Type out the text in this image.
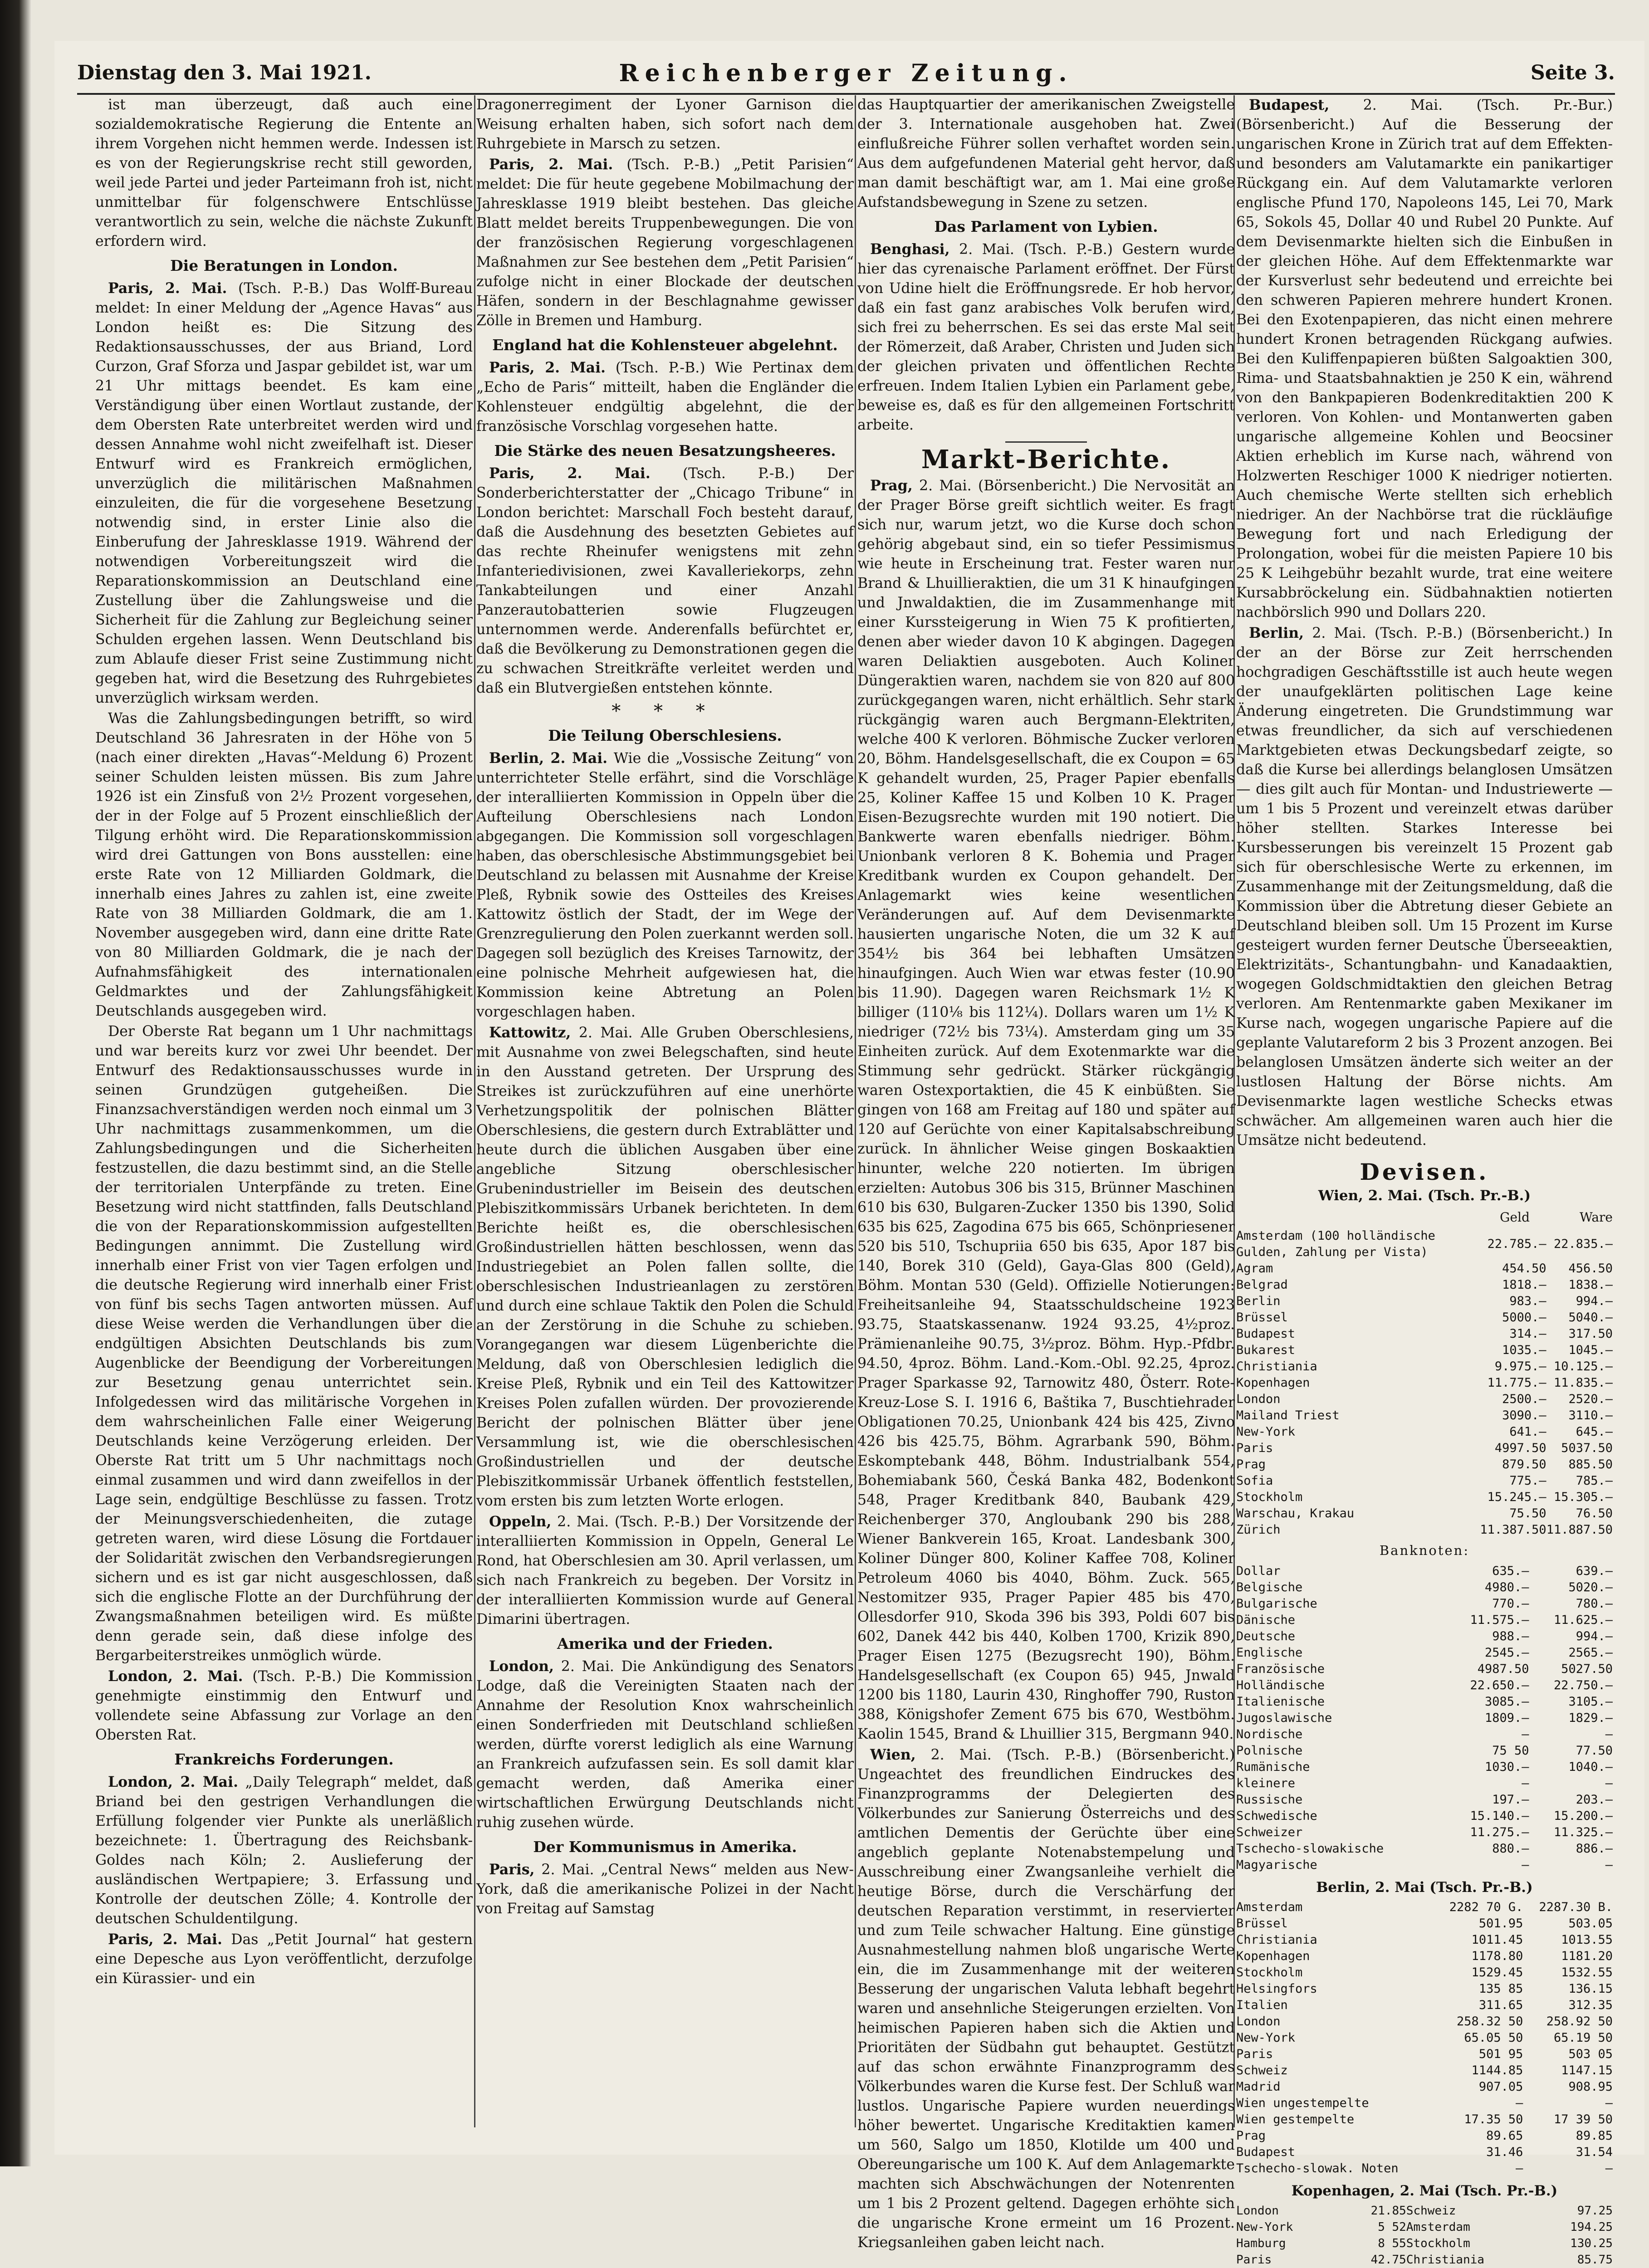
Dienstag den 3. Mai 1921.	Reichenberger Zeitung.	Seite 3.

ist man überzeugt, daß auch eine sozialdemokratische Regierung die Entente an ihrem Vorgehen nicht hemmen werde. Indessen ist es von der Regierungskrise recht still geworden, weil jede Partei und jeder Parteimann froh ist, nicht unmittelbar für folgenschwere Entschlüsse verantwortlich zu sein, welche die nächste Zukunft erfordern wird.

Die Beratungen in London.

Paris, 2. Mai. (Tsch. P.-B.) Das Wolff-Bureau meldet: In einer Meldung der „Agence Havas“ aus London heißt es: Die Sitzung des Redaktionsausschusses, der aus Briand, Lord Curzon, Graf Sforza und Jaspar gebildet ist, war um 21 Uhr mittags beendet. Es kam eine Verständigung über einen Wortlaut zustande, der dem Obersten Rate unterbreitet werden wird und dessen Annahme wohl nicht zweifelhaft ist. Dieser Entwurf wird es Frankreich ermöglichen, unverzüglich die militärischen Maßnahmen einzuleiten, die für die vorgesehene Besetzung notwendig sind, in erster Linie also die Einberufung der Jahresklasse 1919. Während der notwendigen Vorbereitungszeit wird die Reparationskommission an Deutschland eine Zustellung über die Zahlungsweise und die Sicherheit für die Zahlung zur Begleichung seiner Schulden ergehen lassen. Wenn Deutschland bis zum Ablaufe dieser Frist seine Zustimmung nicht gegeben hat, wird die Besetzung des Ruhrgebietes unverzüglich wirksam werden.

Was die Zahlungsbedingungen betrifft, so wird Deutschland 36 Jahresraten in der Höhe von 5 (nach einer direkten „Havas“-Meldung 6) Prozent seiner Schulden leisten müssen. Bis zum Jahre 1926 ist ein Zinsfuß von 2½ Prozent vorgesehen, der in der Folge auf 5 Prozent einschließlich der Tilgung erhöht wird. Die Reparationskommission wird drei Gattungen von Bons ausstellen: eine erste Rate von 12 Milliarden Goldmark, die innerhalb eines Jahres zu zahlen ist, eine zweite Rate von 38 Milliarden Goldmark, die am 1. November ausgegeben wird, dann eine dritte Rate von 80 Milliarden Goldmark, die je nach der Aufnahmsfähigkeit des internationalen Geldmarktes und der Zahlungsfähigkeit Deutschlands ausgegeben wird.

Der Oberste Rat begann um 1 Uhr nachmittags und war bereits kurz vor zwei Uhr beendet. Der Entwurf des Redaktionsausschusses wurde in seinen Grundzügen gutgeheißen. Die Finanzsachverständigen werden noch einmal um 3 Uhr nachmittags zusammenkommen, um die Zahlungsbedingungen und die Sicherheiten festzustellen, die dazu bestimmt sind, an die Stelle der territorialen Unterpfände zu treten. Eine Besetzung wird nicht stattfinden, falls Deutschland die von der Reparationskommission aufgestellten Bedingungen annimmt. Die Zustellung wird innerhalb einer Frist von vier Tagen erfolgen und die deutsche Regierung wird innerhalb einer Frist von fünf bis sechs Tagen antworten müssen. Auf diese Weise werden die Verhandlungen über die endgültigen Absichten Deutschlands bis zum Augenblicke der Beendigung der Vorbereitungen zur Besetzung genau unterrichtet sein. Infolgedessen wird das militärische Vorgehen in dem wahrscheinlichen Falle einer Weigerung Deutschlands keine Verzögerung erleiden. Der Oberste Rat tritt um 5 Uhr nachmittags noch einmal zusammen und wird dann zweifellos in der Lage sein, endgültige Beschlüsse zu fassen. Trotz der Meinungsverschiedenheiten, die zutage getreten waren, wird diese Lösung die Fortdauer der Solidarität zwischen den Verbandsregierungen sichern und es ist gar nicht ausgeschlossen, daß sich die englische Flotte an der Durchführung der Zwangsmaßnahmen beteiligen wird. Es müßte denn gerade sein, daß diese infolge des Bergarbeiterstreikes unmöglich würde.

London, 2. Mai. (Tsch. P.-B.) Die Kommission genehmigte einstimmig den Entwurf und vollendete seine Abfassung zur Vorlage an den Obersten Rat.

Frankreichs Forderungen.

London, 2. Mai. „Daily Telegraph“ meldet, daß Briand bei den gestrigen Verhandlungen die Erfüllung folgender vier Punkte als unerläßlich bezeichnete: 1. Übertragung des Reichsbank-Goldes nach Köln; 2. Auslieferung der ausländischen Wertpapiere; 3. Erfassung und Kontrolle der deutschen Zölle; 4. Kontrolle der deutschen Schuldentilgung.

Paris, 2. Mai. Das „Petit Journal“ hat gestern eine Depesche aus Lyon veröffentlicht, derzufolge ein Kürassier- und ein

Dragonerregiment der Lyoner Garnison die Weisung erhalten haben, sich sofort nach dem Ruhrgebiete in Marsch zu setzen.

Paris, 2. Mai. (Tsch. P.-B.) „Petit Parisien“ meldet: Die für heute gegebene Mobilmachung der Jahresklasse 1919 bleibt bestehen. Das gleiche Blatt meldet bereits Truppenbewegungen. Die von der französischen Regierung vorgeschlagenen Maßnahmen zur See bestehen dem „Petit Parisien“ zufolge nicht in einer Blockade der deutschen Häfen, sondern in der Beschlagnahme gewisser Zölle in Bremen und Hamburg.

England hat die Kohlensteuer abgelehnt.

Paris, 2. Mai. (Tsch. P.-B.) Wie Pertinax dem „Echo de Paris“ mitteilt, haben die Engländer die Kohlensteuer endgültig abgelehnt, die der französische Vorschlag vorgesehen hatte.

Die Stärke des neuen Besatzungsheeres.

Paris, 2. Mai. (Tsch. P.-B.) Der Sonderberichterstatter der „Chicago Tribune“ in London berichtet: Marschall Foch besteht darauf, daß die Ausdehnung des besetzten Gebietes auf das rechte Rheinufer wenigstens mit zehn Infanteriedivisionen, zwei Kavalleriekorps, zehn Tankabteilungen und einer Anzahl Panzerautobatterien sowie Flugzeugen unternommen werde. Anderenfalls befürchtet er, daß die Bevölkerung zu Demonstrationen gegen die zu schwachen Streitkräfte verleitet werden und daß ein Blutvergießen entstehen könnte.

* * *
Die Teilung Oberschlesiens.

Berlin, 2. Mai. Wie die „Vossische Zeitung“ von unterrichteter Stelle erfährt, sind die Vorschläge der interalliierten Kommission in Oppeln über die Aufteilung Oberschlesiens nach London abgegangen. Die Kommission soll vorgeschlagen haben, das oberschlesische Abstimmungsgebiet bei Deutschland zu belassen mit Ausnahme der Kreise Pleß, Rybnik sowie des Ostteiles des Kreises Kattowitz östlich der Stadt, der im Wege der Grenzregulierung den Polen zuerkannt werden soll. Dagegen soll bezüglich des Kreises Tarnowitz, der eine polnische Mehrheit aufgewiesen hat, die Kommission keine Abtretung an Polen vorgeschlagen haben.

Kattowitz, 2. Mai. Alle Gruben Oberschlesiens, mit Ausnahme von zwei Belegschaften, sind heute in den Ausstand getreten. Der Ursprung des Streikes ist zurückzuführen auf eine unerhörte Verhetzungspolitik der polnischen Blätter Oberschlesiens, die gestern durch Extrablätter und heute durch die üblichen Ausgaben über eine angebliche Sitzung oberschlesischer Grubenindustrieller im Beisein des deutschen Plebiszitkommissärs Urbanek berichteten. In dem Berichte heißt es, die oberschlesischen Großindustriellen hätten beschlossen, wenn das Industriegebiet an Polen fallen sollte, die oberschlesischen Industrieanlagen zu zerstören und durch eine schlaue Taktik den Polen die Schuld an der Zerstörung in die Schuhe zu schieben. Vorangegangen war diesem Lügenberichte die Meldung, daß von Oberschlesien lediglich die Kreise Pleß, Rybnik und ein Teil des Kattowitzer Kreises Polen zufallen würden. Der provozierende Bericht der polnischen Blätter über jene Versammlung ist, wie die oberschlesischen Großindustriellen und der deutsche Plebiszitkommissär Urbanek öffentlich feststellen, vom ersten bis zum letzten Worte erlogen.

Oppeln, 2. Mai. (Tsch. P.-B.) Der Vorsitzende der interalliierten Kommission in Oppeln, General Le Rond, hat Oberschlesien am 30. April verlassen, um sich nach Frankreich zu begeben. Der Vorsitz in der interalliierten Kommission wurde auf General Dimarini übertragen.

Amerika und der Frieden.

London, 2. Mai. Die Ankündigung des Senators Lodge, daß die Vereinigten Staaten nach der Annahme der Resolution Knox wahrscheinlich einen Sonderfrieden mit Deutschland schließen werden, dürfte vorerst lediglich als eine Warnung an Frankreich aufzufassen sein. Es soll damit klar gemacht werden, daß Amerika einer wirtschaftlichen Erwürgung Deutschlands nicht ruhig zusehen würde.

Der Kommunismus in Amerika.

Paris, 2. Mai. „Central News“ melden aus New-York, daß die amerikanische Polizei in der Nacht von Freitag auf Samstag

das Hauptquartier der amerikanischen Zweigstelle der 3. Internationale ausgehoben hat. Zwei einflußreiche Führer sollen verhaftet worden sein. Aus dem aufgefundenen Material geht hervor, daß man damit beschäftigt war, am 1. Mai eine große Aufstandsbewegung in Szene zu setzen.

Das Parlament von Lybien.

Benghasi, 2. Mai. (Tsch. P.-B.) Gestern wurde hier das cyrenaische Parlament eröffnet. Der Fürst von Udine hielt die Eröffnungsrede. Er hob hervor, daß ein fast ganz arabisches Volk berufen wird, sich frei zu beherrschen. Es sei das erste Mal seit der Römerzeit, daß Araber, Christen und Juden sich der gleichen privaten und öffentlichen Rechte erfreuen. Indem Italien Lybien ein Parlament gebe, beweise es, daß es für den allgemeinen Fortschritt arbeite.

Markt-Berichte.

Prag, 2. Mai. (Börsenbericht.) Die Nervosität an der Prager Börse greift sichtlich weiter. Es fragt sich nur, warum jetzt, wo die Kurse doch schon gehörig abgebaut sind, ein so tiefer Pessimismus wie heute in Erscheinung trat. Fester waren nur Brand & Lhuillieraktien, die um 31 K hinaufgingen und Jnwaldaktien, die im Zusammenhange mit einer Kurssteigerung in Wien 75 K profitierten, denen aber wieder davon 10 K abgingen. Dagegen waren Deliaktien ausgeboten. Auch Koliner Düngeraktien waren, nachdem sie von 820 auf 800 zurückgegangen waren, nicht erhältlich. Sehr stark rückgängig waren auch Bergmann-Elektriten, welche 400 K verloren. Böhmische Zucker verloren 20, Böhm. Handelsgesellschaft, die ex Coupon = 65 K gehandelt wurden, 25, Prager Papier ebenfalls 25, Koliner Kaffee 15 und Kolben 10 K. Prager Eisen-Bezugsrechte wurden mit 190 notiert. Die Bankwerte waren ebenfalls niedriger. Böhm. Unionbank verloren 8 K. Bohemia und Prager Kreditbank wurden ex Coupon gehandelt. Der Anlagemarkt wies keine wesentlichen Veränderungen auf. Auf dem Devisenmarkte hausierten ungarische Noten, die um 32 K auf 354½ bis 364 bei lebhaften Umsätzen hinaufgingen. Auch Wien war etwas fester (10.90 bis 11.90). Dagegen waren Reichsmark 1½ K billiger (110⅛ bis 112¼). Dollars waren um 1½ K niedriger (72½ bis 73¼). Amsterdam ging um 35 Einheiten zurück. Auf dem Exotenmarkte war die Stimmung sehr gedrückt. Stärker rückgängig waren Ostexportaktien, die 45 K einbüßten. Sie gingen von 168 am Freitag auf 180 und später auf 120 auf Gerüchte von einer Kapitalsabschreibung zurück. In ähnlicher Weise gingen Boskaaktien hinunter, welche 220 notierten. Im übrigen erzielten: Autobus 306 bis 315, Brünner Maschinen 610 bis 630, Bulgaren-Zucker 1350 bis 1390, Solid 635 bis 625, Zagodina 675 bis 665, Schönpriesener 520 bis 510, Tschupriia 650 bis 635, Apor 187 bis 140, Borek 310 (Geld), Gaya-Glas 800 (Geld), Böhm. Montan 530 (Geld). Offizielle Notierungen: Freiheitsanleihe 94, Staatsschuldscheine 1923 93.75, Staatskassenanw. 1924 93.25, 4½proz. Prämienanleihe 90.75, 3½proz. Böhm. Hyp.-Pfdbr. 94.50, 4proz. Böhm. Land.-Kom.-Obl. 92.25, 4proz. Prager Sparkasse 92, Tarnowitz 480, Österr. Rote-Kreuz-Lose S. I. 1916 6, Baštika 7, Buschtiehrader Obligationen 70.25, Unionbank 424 bis 425, Zivno 426 bis 425.75, Böhm. Agrarbank 590, Böhm. Eskomptebank 448, Böhm. Industrialbank 554, Bohemiabank 560, Česká Banka 482, Bodenkont 548, Prager Kreditbank 840, Baubank 429, Reichenberger 370, Angloubank 290 bis 288, Wiener Bankverein 165, Kroat. Landesbank 300, Koliner Dünger 800, Koliner Kaffee 708, Koliner Petroleum 4060 bis 4040, Böhm. Zuck. 565, Nestomitzer 935, Prager Papier 485 bis 470, Ollesdorfer 910, Skoda 396 bis 393, Poldi 607 bis 602, Danek 442 bis 440, Kolben 1700, Krizik 890, Prager Eisen 1275 (Bezugsrecht 190), Böhm. Handelsgesellschaft (ex Coupon 65) 945, Jnwald 1200 bis 1180, Laurin 430, Ringhoffer 790, Ruston 388, Königshofer Zement 675 bis 670, Westböhm. Kaolin 1545, Brand & Lhuillier 315, Bergmann 940.

Wien, 2. Mai. (Tsch. P.-B.) (Börsenbericht.) Ungeachtet des freundlichen Eindruckes des Finanzprogramms der Delegierten des Völkerbundes zur Sanierung Österreichs und des amtlichen Dementis der Gerüchte über eine angeblich geplante Notenabstempelung und Ausschreibung einer Zwangsanleihe verhielt die heutige Börse, durch die Verschärfung der deutschen Reparation verstimmt, in reservierter und zum Teile schwacher Haltung. Eine günstige Ausnahmestellung nahmen bloß ungarische Werte ein, die im Zusammenhange mit der weiteren Besserung der ungarischen Valuta lebhaft begehrt waren und ansehnliche Steigerungen erzielten. Von heimischen Papieren haben sich die Aktien und Prioritäten der Südbahn gut behauptet. Gestützt auf das schon erwähnte Finanzprogramm des Völkerbundes waren die Kurse fest. Der Schluß war lustlos. Ungarische Papiere wurden neuerdings höher bewertet. Ungarische Kreditaktien kamen um 560, Salgo um 1850, Klotilde um 400 und Obereungarische um 100 K. Auf dem Anlagemarkte machten sich Abschwächungen der Notenrenten um 1 bis 2 Prozent geltend. Dagegen erhöhte sich die ungarische Krone ermeint um 16 Prozent. Kriegsanleihen gaben leicht nach.

Budapest, 2. Mai. (Tsch. Pr.-Bur.) (Börsenbericht.) Auf die Besserung der ungarischen Krone in Zürich trat auf dem Effekten- und besonders am Valutamarkte ein panikartiger Rückgang ein. Auf dem Valutamarkte verloren englische Pfund 170, Napoleons 145, Lei 70, Mark 65, Sokols 45, Dollar 40 und Rubel 20 Punkte. Auf dem Devisenmarkte hielten sich die Einbußen in der gleichen Höhe. Auf dem Effektenmarkte war der Kursverlust sehr bedeutend und erreichte bei den schweren Papieren mehrere hundert Kronen. Bei den Exotenpapieren, das nicht einen mehrere hundert Kronen betragenden Rückgang aufwies. Bei den Kuliffenpapieren büßten Salgoaktien 300, Rima- und Staatsbahnaktien je 250 K ein, während von den Bankpapieren Bodenkreditaktien 200 K verloren. Von Kohlen- und Montanwerten gaben ungarische allgemeine Kohlen und Beocsiner Aktien erheblich im Kurse nach, während von Holzwerten Reschiger 1000 K niedriger notierten. Auch chemische Werte stellten sich erheblich niedriger. An der Nachbörse trat die rückläufige Bewegung fort und nach Erledigung der Prolongation, wobei für die meisten Papiere 10 bis 25 K Leihgebühr bezahlt wurde, trat eine weitere Kursabbröckelung ein. Südbahnaktien notierten nachbörslich 990 und Dollars 220.

Berlin, 2. Mai. (Tsch. P.-B.) (Börsenbericht.) In der an der Börse zur Zeit herrschenden hochgradigen Geschäftsstille ist auch heute wegen der unaufgeklärten politischen Lage keine Änderung eingetreten. Die Grundstimmung war etwas freundlicher, da sich auf verschiedenen Marktgebieten etwas Deckungsbedarf zeigte, so daß die Kurse bei allerdings belanglosen Umsätzen — dies gilt auch für Montan- und Industriewerte — um 1 bis 5 Prozent und vereinzelt etwas darüber höher stellten. Starkes Interesse bei Kursbesserungen bis vereinzelt 15 Prozent gab sich für oberschlesische Werte zu erkennen, im Zusammenhange mit der Zeitungsmeldung, daß die Kommission über die Abtretung dieser Gebiete an Deutschland bleiben soll. Um 15 Prozent im Kurse gesteigert wurden ferner Deutsche Überseeaktien, Elektrizitäts-, Schantungbahn- und Kanadaaktien, wogegen Goldschmidtaktien den gleichen Betrag verloren. Am Rentenmarkte gaben Mexikaner im Kurse nach, wogegen ungarische Papiere auf die geplante Valutareform 2 bis 3 Prozent anzogen. Bei belanglosen Umsätzen änderte sich weiter an der lustlosen Haltung der Börse nichts. Am Devisenmarkte lagen westliche Schecks etwas schwächer. Am allgemeinen waren auch hier die Umsätze nicht bedeutend.

Devisen.
Wien, 2. Mai. (Tsch. Pr.-B.)
Geld	Ware
Amsterdam (100 holländische Gulden, Zahlung per Vista)	22.785.—	22.835.—
Agram	454.50	456.50
Belgrad	1818.—	1838.—
Berlin	983.—	994.—
Brüssel	5000.—	5040.—
Budapest	314.—	317.50
Bukarest	1035.—	1045.—
Christiania	9.975.—	10.125.—
Kopenhagen	11.775.—	11.835.—
London	2500.—	2520.—
Mailand Triest	3090.—	3110.—
New-York	641.—	645.—
Paris	4997.50	5037.50
Prag	879.50	885.50
Sofia	775.—	785.—
Stockholm	15.245.—	15.305.—
Warschau, Krakau	75.50	76.50
Zürich	11.387.50	11.887.50
Banknoten:
Dollar	635.—	639.—
Belgische	4980.—	5020.—
Bulgarische	770.—	780.—
Dänische	11.575.—	11.625.—
Deutsche	988.—	994.—
Englische	2545.—	2565.—
Französische	4987.50	5027.50
Holländische	22.650.—	22.750.—
Italienische	3085.—	3105.—
Jugoslawische	1809.—	1829.—
Nordische	—	—
Polnische	75 50	77.50
Rumänische	1030.—	1040.—
kleinere	—	—
Russische	197.—	203.—
Schwedische	15.140.—	15.200.—
Schweizer	11.275.—	11.325.—
Tschecho-slowakische	880.—	886.—
Magyarische	—	—
Berlin, 2. Mai (Tsch. Pr.-B.)
Amsterdam	2282 70 G.	2287.30 B.
Brüssel	501.95	503.05
Christiania	1011.45	1013.55
Kopenhagen	1178.80	1181.20
Stockholm	1529.45	1532.55
Helsingfors	135 85	136.15
Italien	311.65	312.35
London	258.32 50	258.92 50
New-York	65.05 50	65.19 50
Paris	501 95	503 05
Schweiz	1144.85	1147.15
Madrid	907.05	908.95
Wien ungestempelte	—	—
Wien gestempelte	17.35 50	17 39 50
Prag	89.65	89.85
Budapest	31.46	31.54
Tschecho-slowak. Noten	—	—
Kopenhagen, 2. Mai (Tsch. Pr.-B.)
London	21.85	Schweiz	97.25
New-York	5 52	Amsterdam	194.25
Hamburg	8 55	Stockholm	130.25
Paris	42.75	Christiania	85.75
